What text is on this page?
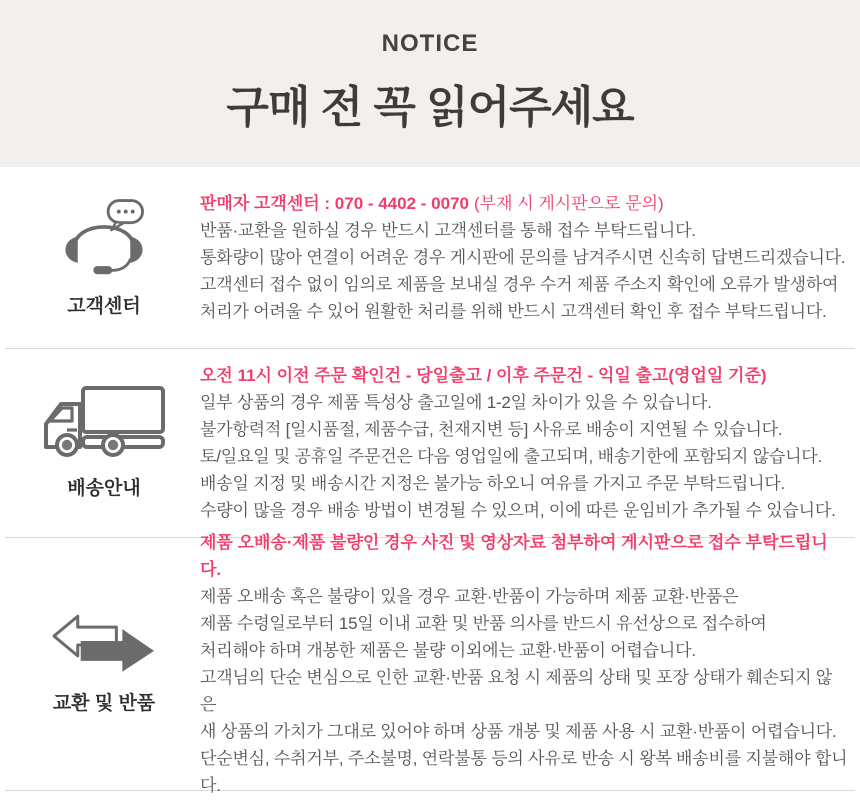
NOTICE
구매 전 꼭 읽어주세요
고객센터

판매자 고객센터 : 070 - 4402 - 0070 (부재 시 게시판으로 문의)

반품·교환을 원하실 경우 반드시 고객센터를 통해 접수 부탁드립니다.

통화량이 많아 연결이 어려운 경우 게시판에 문의를 남겨주시면 신속히 답변드리겠습니다.

고객센터 접수 없이 임의로 제품을 보내실 경우 수거 제품 주소지 확인에 오류가 발생하여

처리가 어려울 수 있어 원활한 처리를 위해 반드시 고객센터 확인 후 접수 부탁드립니다.

배송안내

오전 11시 이전 주문 확인건 - 당일출고 / 이후 주문건 - 익일 출고(영업일 기준)

일부 상품의 경우 제품 특성상 출고일에 1-2일 차이가 있을 수 있습니다.

불가항력적 [일시품절, 제품수급, 천재지변 등] 사유로 배송이 지연될 수 있습니다.

토/일요일 및 공휴일 주문건은 다음 영업일에 출고되며, 배송기한에 포함되지 않습니다.

배송일 지정 및 배송시간 지정은 불가능 하오니 여유를 가지고 주문 부탁드립니다.

수량이 많을 경우 배송 방법이 변경될 수 있으며, 이에 따른 운임비가 추가될 수 있습니다.

교환 및 반품

제품 오배송·제품 불량인 경우 사진 및 영상자료 첨부하여 게시판으로 접수 부탁드립니다.

제품 오배송 혹은 불량이 있을 경우 교환·반품이 가능하며 제품 교환·반품은

제품 수령일로부터 15일 이내 교환 및 반품 의사를 반드시 유선상으로 접수하여

처리해야 하며 개봉한 제품은 불량 이외에는 교환·반품이 어렵습니다.

고객님의 단순 변심으로 인한 교환·반품 요청 시 제품의 상태 및 포장 상태가 훼손되지 않은

새 상품의 가치가 그대로 있어야 하며 상품 개봉 및 제품 사용 시 교환·반품이 어렵습니다.

단순변심, 수취거부, 주소불명, 연락불통 등의 사유로 반송 시 왕복 배송비를 지불해야 합니다.
